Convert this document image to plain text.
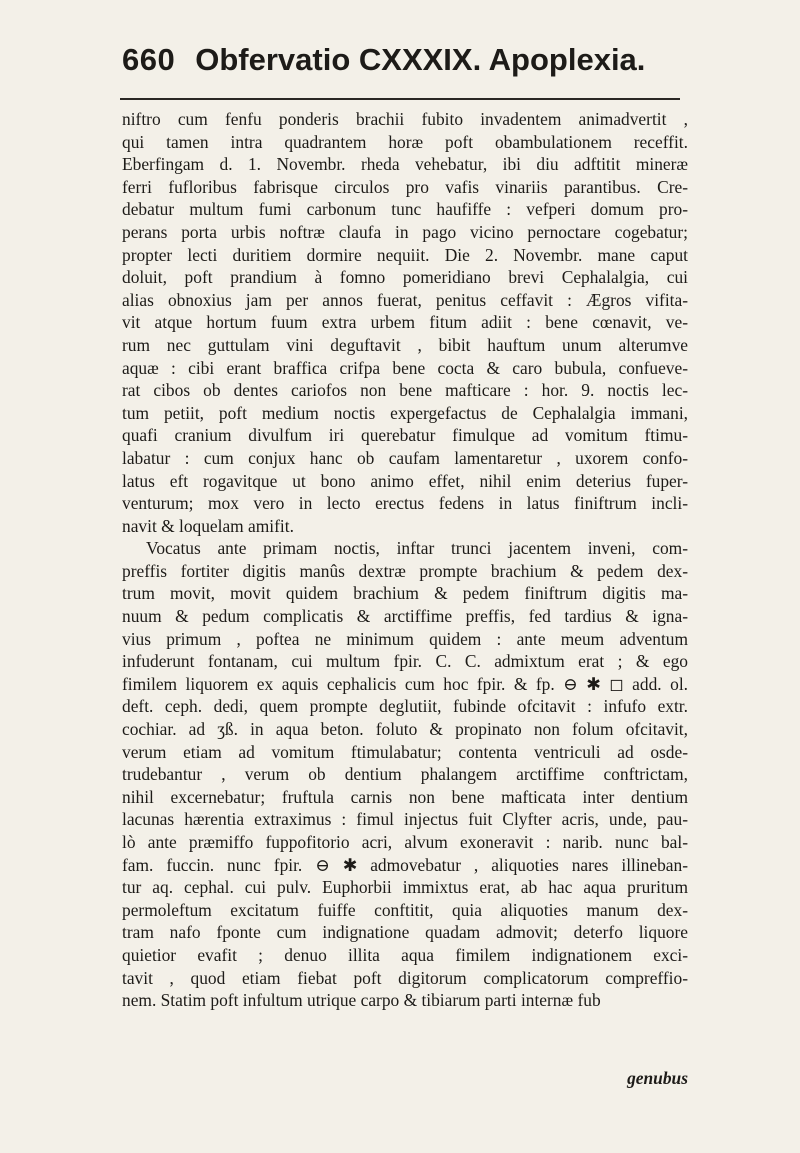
660 Obfervatio CXXXIX. Apoplexia.

niftro cum fenfu ponderis brachii fubito invadentem animadvertit ,
qui tamen intra quadrantem horæ poft obambulationem receffit.
Eberfingam d. 1. Novembr. rheda vehebatur, ibi diu adftitit mineræ
ferri fufloribus fabrisque circulos pro vafis vinariis parantibus. Cre-
debatur multum fumi carbonum tunc haufiffe : vefperi domum pro-
perans porta urbis noftræ claufa in pago vicino pernoctare cogebatur;
propter lecti duritiem dormire nequiit. Die 2. Novembr. mane caput
doluit, poft prandium à fomno pomeridiano brevi Cephalalgia, cui
alias obnoxius jam per annos fuerat, penitus ceffavit : Ægros vifita-
vit atque hortum fuum extra urbem fitum adiit : bene cœnavit, ve-
rum nec guttulam vini deguftavit , bibit hauftum unum alterumve
aquæ : cibi erant braffica crifpa bene cocta & caro bubula, confueve-
rat cibos ob dentes cariofos non bene mafticare : hor. 9. noctis lec-
tum petiit, poft medium noctis expergefactus de Cephalalgia immani,
quafi cranium divulfum iri querebatur fimulque ad vomitum ftimu-
labatur : cum conjux hanc ob caufam lamentaretur , uxorem confo-
latus eft rogavitque ut bono animo effet, nihil enim deterius fuper-
venturum; mox vero in lecto erectus fedens in latus finiftrum incli-
navit & loquelam amifit.

Vocatus ante primam noctis, inftar trunci jacentem inveni, com-
preffis fortiter digitis manûs dextræ prompte brachium & pedem dex-
trum movit, movit quidem brachium & pedem finiftrum digitis ma-
nuum & pedum complicatis & arctiffime preffis, fed tardius & igna-
vius primum , poftea ne minimum quidem : ante meum adventum
infuderunt fontanam, cui multum fpir. C. C. admixtum erat ; & ego
fimilem liquorem ex aquis cephalicis cum hoc fpir. & fp. ⊖ ✱ ◻ add. ol.
deft. ceph. dedi, quem prompte deglutiit, fubinde ofcitavit : infufo extr.
cochiar. ad ʒß. in aqua beton. foluto & propinato non folum ofcitavit,
verum etiam ad vomitum ftimulabatur; contenta ventriculi ad osde-
trudebantur , verum ob dentium phalangem arctiffime conftrictam,
nihil excernebatur; fruftula carnis non bene mafticata inter dentium
lacunas hærentia extraximus : fimul injectus fuit Clyfter acris, unde, pau-
lò ante præmiffo fuppofitorio acri, alvum exoneravit : narib. nunc bal-
fam. fuccin. nunc fpir. ⊖ ✱ admovebatur , aliquoties nares illineban-
tur aq. cephal. cui pulv. Euphorbii immixtus erat, ab hac aqua pruritum
permoleftum excitatum fuiffe conftitit, quia aliquoties manum dex-
tram nafo fponte cum indignatione quadam admovit; deterfo liquore
quietior evafit ; denuo illita aqua fimilem indignationem exci-
tavit , quod etiam fiebat poft digitorum complicatorum compreffio-
nem. Statim poft infultum utrique carpo & tibiarum parti internæ fub

genubus
